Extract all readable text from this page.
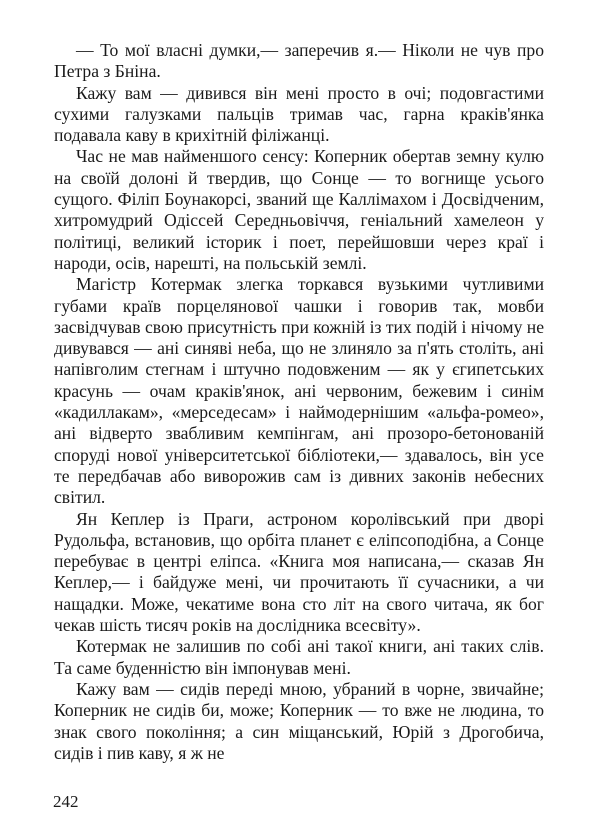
— То мої власні думки,— заперечив я.— Ніколи не чув про Петра з Бніна.

Кажу вам — дивився він мені просто в очі; подовгастими сухими галузками пальців тримав час, гарна краків'янка подавала каву в крихітній філіжанці.

Час не мав найменшого сенсу: Коперник обертав земну кулю на своїй долоні й твердив, що Сонце — то вогнище усього сущого. Філіп Боунакорсі, званий ще Каллімахом і Досвідченим, хитромудрий Одіссей Середньовіччя, геніальний хамелеон у політиці, великий історик і поет, перейшовши через краї і народи, осів, нарешті, на польській землі.

Магістр Котермак злегка торкався вузькими чутливими губами країв порцелянової чашки і говорив так, мовби засвідчував свою присутність при кожній із тих подій і нічому не дивувався — ані синяві неба, що не злиняло за п'ять століть, ані напівголим стегнам і штучно подовженим — як у єгипетських красунь — очам краків'янок, ані червоним, бежевим і синім «кадиллакам», «мерседесам» і наймодернішим «альфа-ромео», ані відверто звабливим кемпінгам, ані прозоро-бетонованій споруді нової університетської бібліотеки,— здавалось, він усе те передбачав або виворожив сам із дивних законів небесних світил.

Ян Кеплер із Праги, астроном королівський при дворі Рудольфа, встановив, що орбіта планет є еліпсоподібна, а Сонце перебуває в центрі еліпса. «Книга моя написана,— сказав Ян Кеплер,— і байдуже мені, чи прочитають її сучасники, а чи нащадки. Може, чекатиме вона сто літ на свого читача, як бог чекав шість тисяч років на дослідника всесвіту».

Котермак не залишив по собі ані такої книги, ані таких слів. Та саме буденністю він імпонував мені.

Кажу вам — сидів переді мною, убраний в чорне, звичайне; Коперник не сидів би, може; Коперник — то вже не людина, то знак свого покоління; а син міщанський, Юрій з Дрогобича, сидів і пив каву, я ж не

242
